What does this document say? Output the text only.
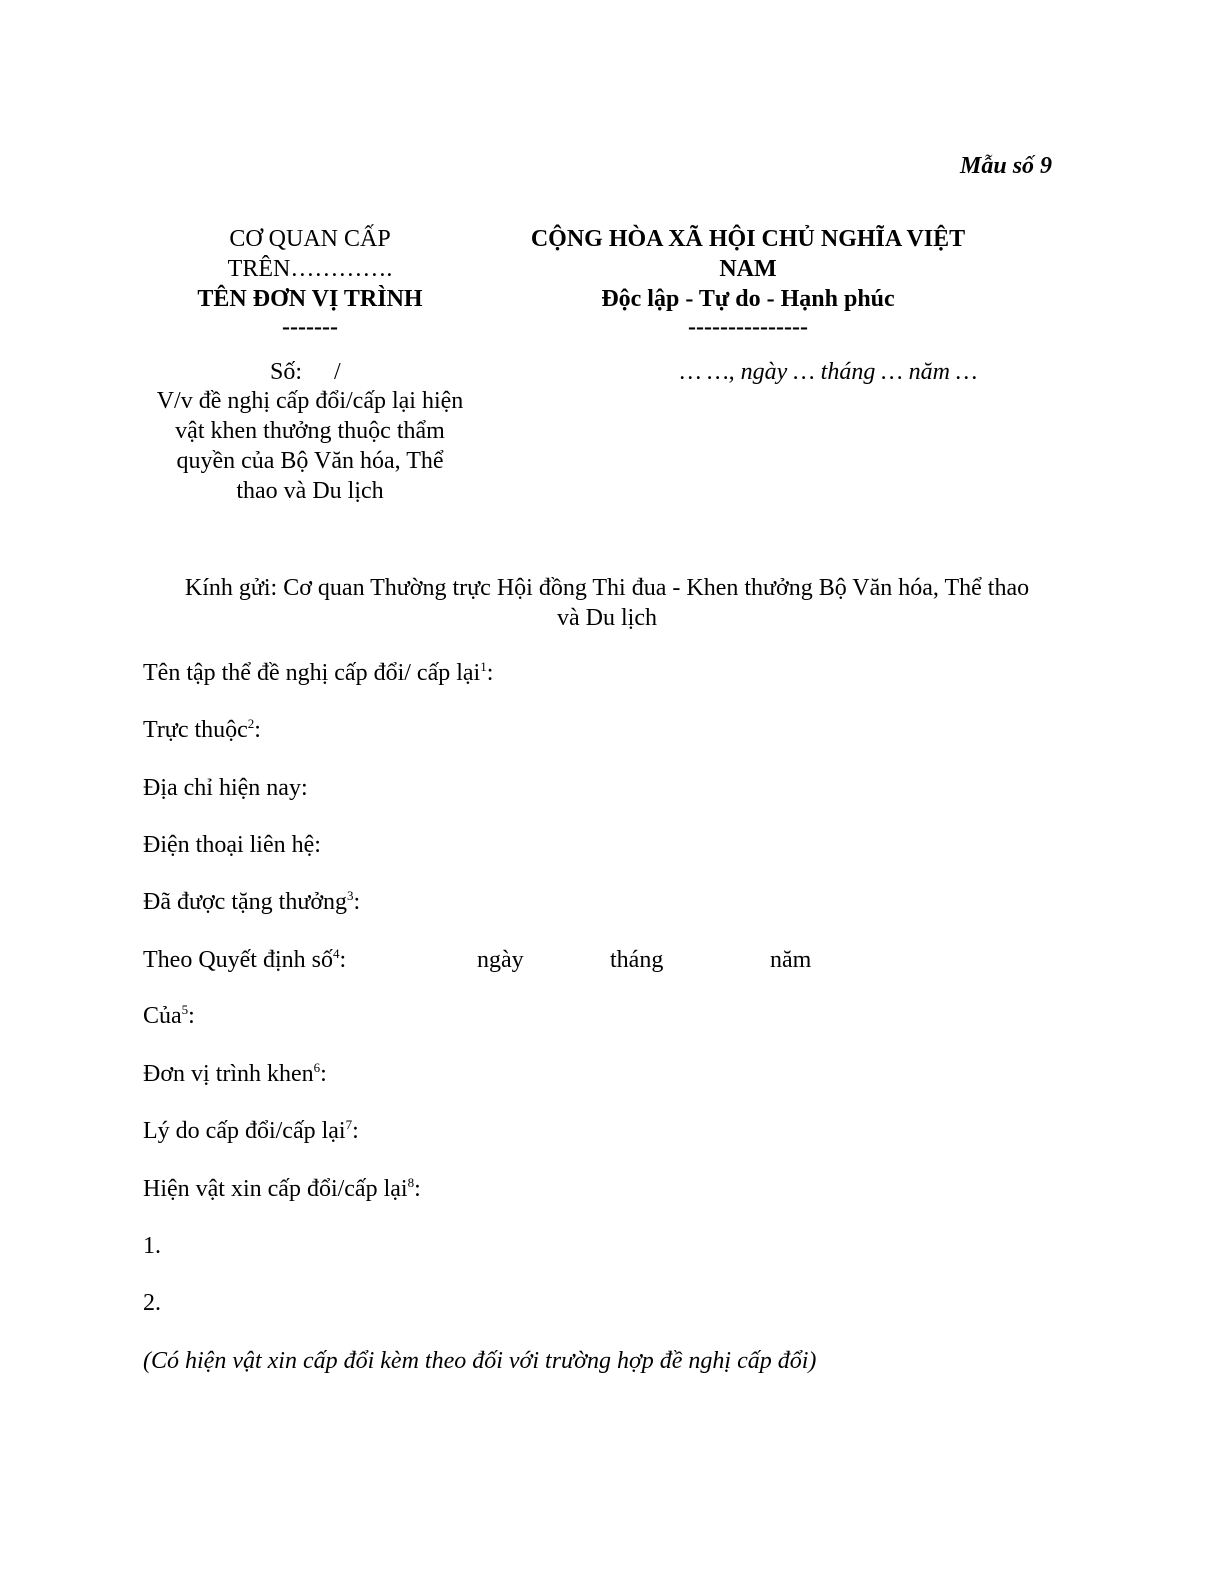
Mẫu số 9
CƠ QUAN CẤP
TRÊN………….
TÊN ĐƠN VỊ TRÌNH
-------
CỘNG HÒA XÃ HỘI CHỦ NGHĨA VIỆT
NAM
Độc lập - Tự do - Hạnh phúc
---------------
Số: /
V/v đề nghị cấp đổi/cấp lại hiện
vật khen thưởng thuộc thẩm
quyền của Bộ Văn hóa, Thể
thao và Du lịch
… …, ngày … tháng … năm …
Kính gửi: Cơ quan Thường trực Hội đồng Thi đua - Khen thưởng Bộ Văn hóa, Thể thao
và Du lịch
Tên tập thể đề nghị cấp đổi/ cấp lại$^1$:
Trực thuộc$^2$:
Địa chỉ hiện nay:
Điện thoại liên hệ:
Đã được tặng thưởng$^3$:
Theo Quyết định số$^4$:	ngày	tháng	năm
Của$^5$:
Đơn vị trình khen$^6$:
Lý do cấp đổi/cấp lại$^7$:
Hiện vật xin cấp đổi/cấp lại$^8$:
1.
2.
(Có hiện vật xin cấp đổi kèm theo đối với trường hợp đề nghị cấp đổi)
